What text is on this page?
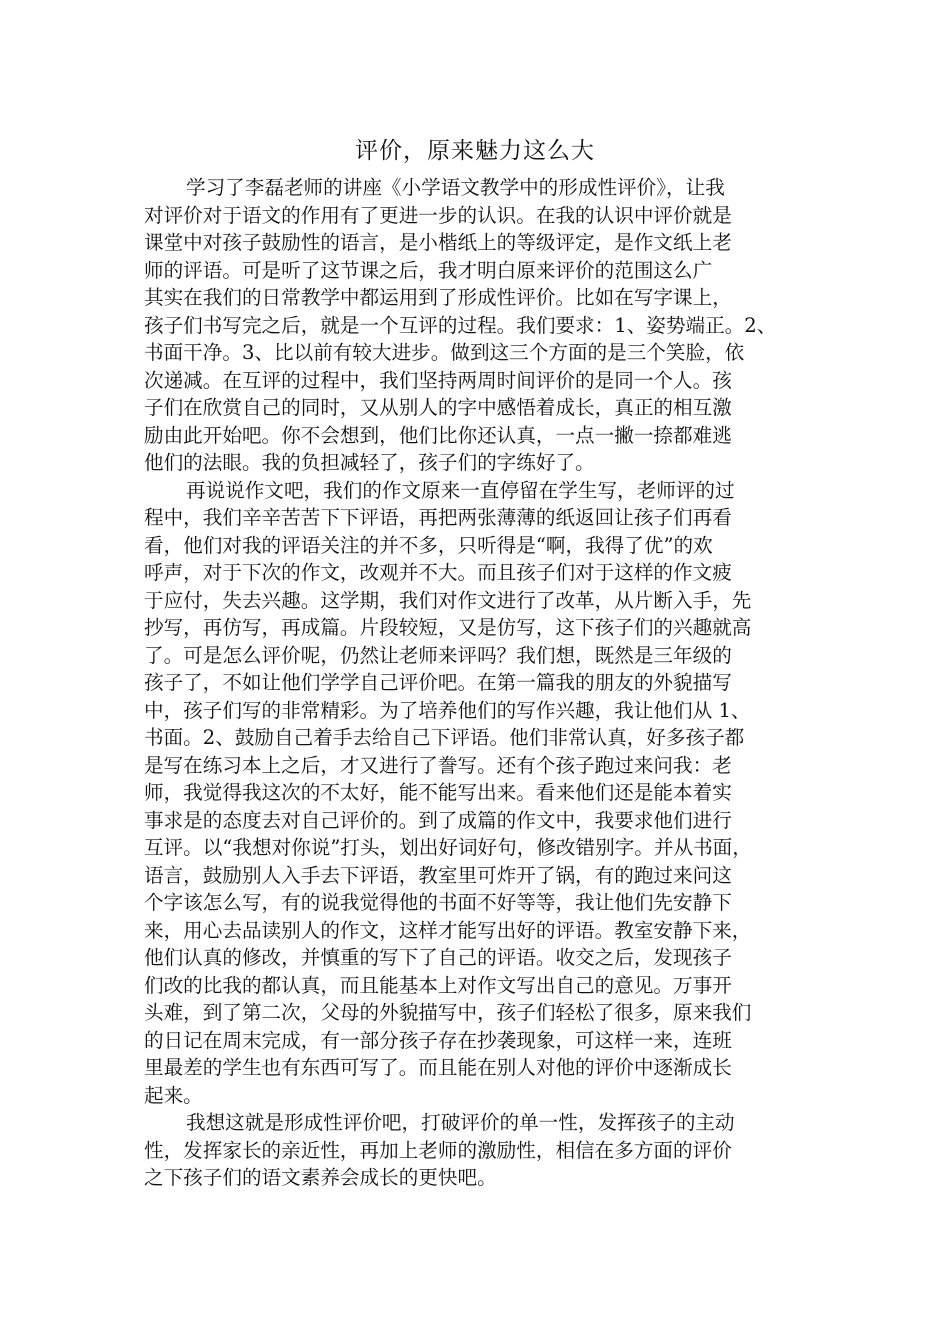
评价，原来魅力这么大
学习了李磊老师的讲座《小学语文教学中的形成性评价》，让我
对评价对于语文的作用有了更进一步的认识。在我的认识中评价就是
课堂中对孩子鼓励性的语言，是小楷纸上的等级评定，是作文纸上老
师的评语。可是听了这节课之后，我才明白原来评价的范围这么广
其实在我们的日常教学中都运用到了形成性评价。比如在写字课上，
孩子们书写完之后，就是一个互评的过程。我们要求：1、姿势端正。2、
书面干净。3、比以前有较大进步。做到这三个方面的是三个笑脸，依
次递减。在互评的过程中，我们坚持两周时间评价的是同一个人。孩
子们在欣赏自己的同时，又从别人的字中感悟着成长，真正的相互激
励由此开始吧。你不会想到，他们比你还认真，一点一撇一捺都难逃
他们的法眼。我的负担减轻了，孩子们的字练好了。
再说说作文吧，我们的作文原来一直停留在学生写，老师评的过
程中，我们辛辛苦苦下下评语，再把两张薄薄的纸返回让孩子们再看
看，他们对我的评语关注的并不多，只听得是“啊，我得了优”的欢
呼声，对于下次的作文，改观并不大。而且孩子们对于这样的作文疲
于应付，失去兴趣。这学期，我们对作文进行了改革，从片断入手，先
抄写，再仿写，再成篇。片段较短，又是仿写，这下孩子们的兴趣就高
了。可是怎么评价呢，仍然让老师来评吗？我们想，既然是三年级的
孩子了，不如让他们学学自己评价吧。在第一篇我的朋友的外貌描写
中，孩子们写的非常精彩。为了培养他们的写作兴趣，我让他们从 1、
书面。2、鼓励自己着手去给自己下评语。他们非常认真，好多孩子都
是写在练习本上之后，才又进行了誊写。还有个孩子跑过来问我：老
师，我觉得我这次的不太好，能不能写出来。看来他们还是能本着实
事求是的态度去对自己评价的。到了成篇的作文中，我要求他们进行
互评。以“我想对你说”打头，划出好词好句，修改错别字。并从书面，
语言，鼓励别人入手去下评语，教室里可炸开了锅，有的跑过来问这
个字该怎么写，有的说我觉得他的书面不好等等，我让他们先安静下
来，用心去品读别人的作文，这样才能写出好的评语。教室安静下来，
他们认真的修改，并慎重的写下了自己的评语。收交之后，发现孩子
们改的比我的都认真，而且能基本上对作文写出自己的意见。万事开
头难，到了第二次，父母的外貌描写中，孩子们轻松了很多，原来我们
的日记在周末完成，有一部分孩子存在抄袭现象，可这样一来，连班
里最差的学生也有东西可写了。而且能在别人对他的评价中逐渐成长
起来。
我想这就是形成性评价吧，打破评价的单一性，发挥孩子的主动
性，发挥家长的亲近性，再加上老师的激励性，相信在多方面的评价
之下孩子们的语文素养会成长的更快吧。
